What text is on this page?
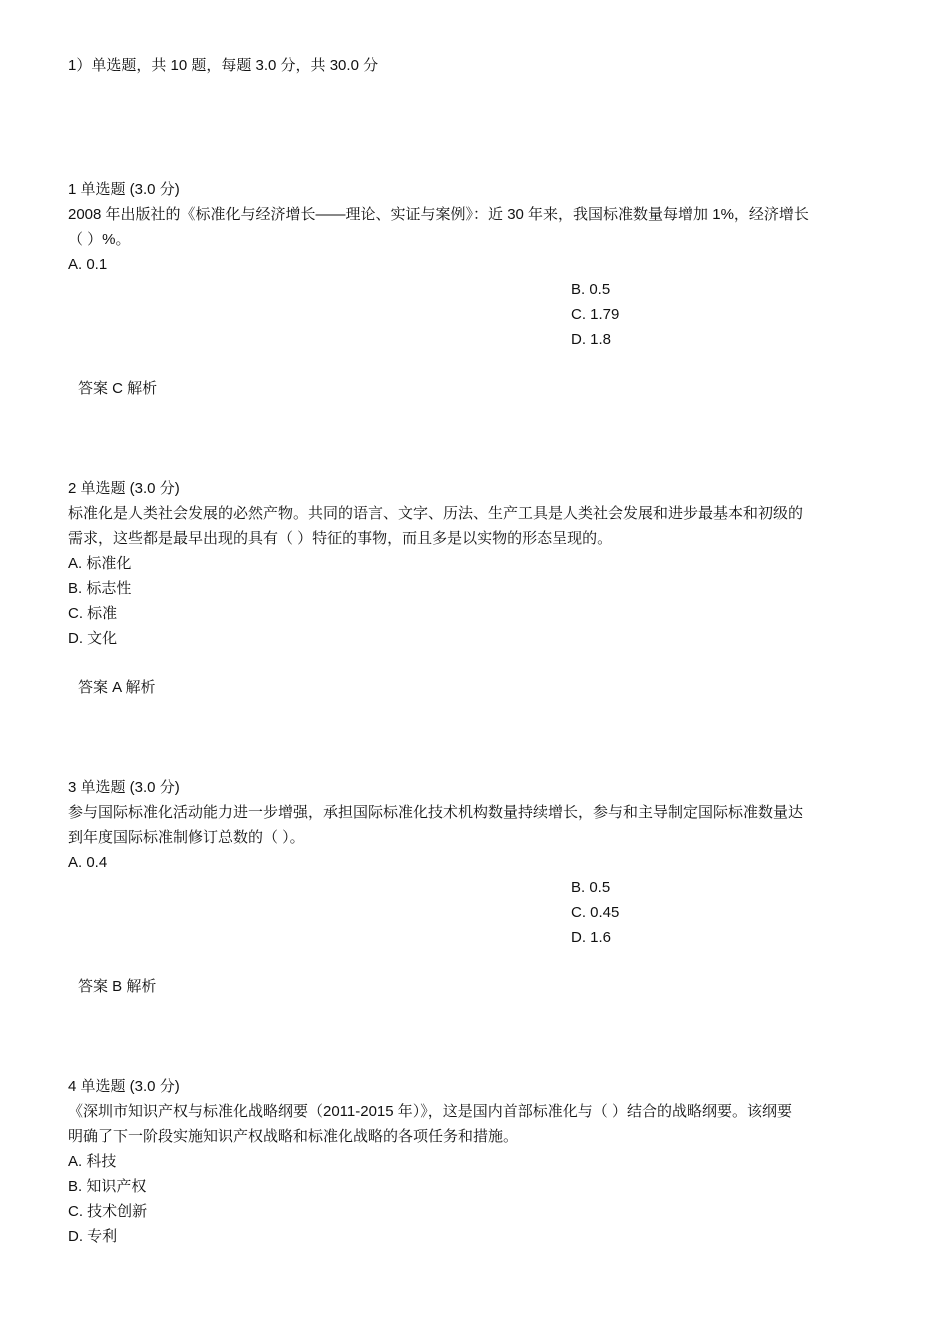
1）单选题，共 10 题，每题 3.0 分，共 30.0 分
1 单选题 (3.0 分)
2008 年出版社的《标准化与经济增长——理论、实证与案例》：近 30 年来，我国标准数量每增加 1%，经济增长
（ ）%。
A. 0.1
B. 0.5
C. 1.79
D. 1.8
答案 C 解析
2 单选题 (3.0 分)
标准化是人类社会发展的必然产物。共同的语言、文字、历法、生产工具是人类社会发展和进步最基本和初级的
需求，这些都是最早出现的具有（ ）特征的事物，而且多是以实物的形态呈现的。
A. 标准化
B. 标志性
C. 标准
D. 文化
答案 A 解析
3 单选题 (3.0 分)
参与国际标准化活动能力进一步增强，承担国际标准化技术机构数量持续增长，参与和主导制定国际标准数量达
到年度国际标准制修订总数的（ ）。
A. 0.4
B. 0.5
C. 0.45
D. 1.6
答案 B 解析
4 单选题 (3.0 分)
《深圳市知识产权与标准化战略纲要（2011-2015 年）》，这是国内首部标准化与（ ）结合的战略纲要。该纲要
明确了下一阶段实施知识产权战略和标准化战略的各项任务和措施。
A. 科技
B. 知识产权
C. 技术创新
D. 专利
